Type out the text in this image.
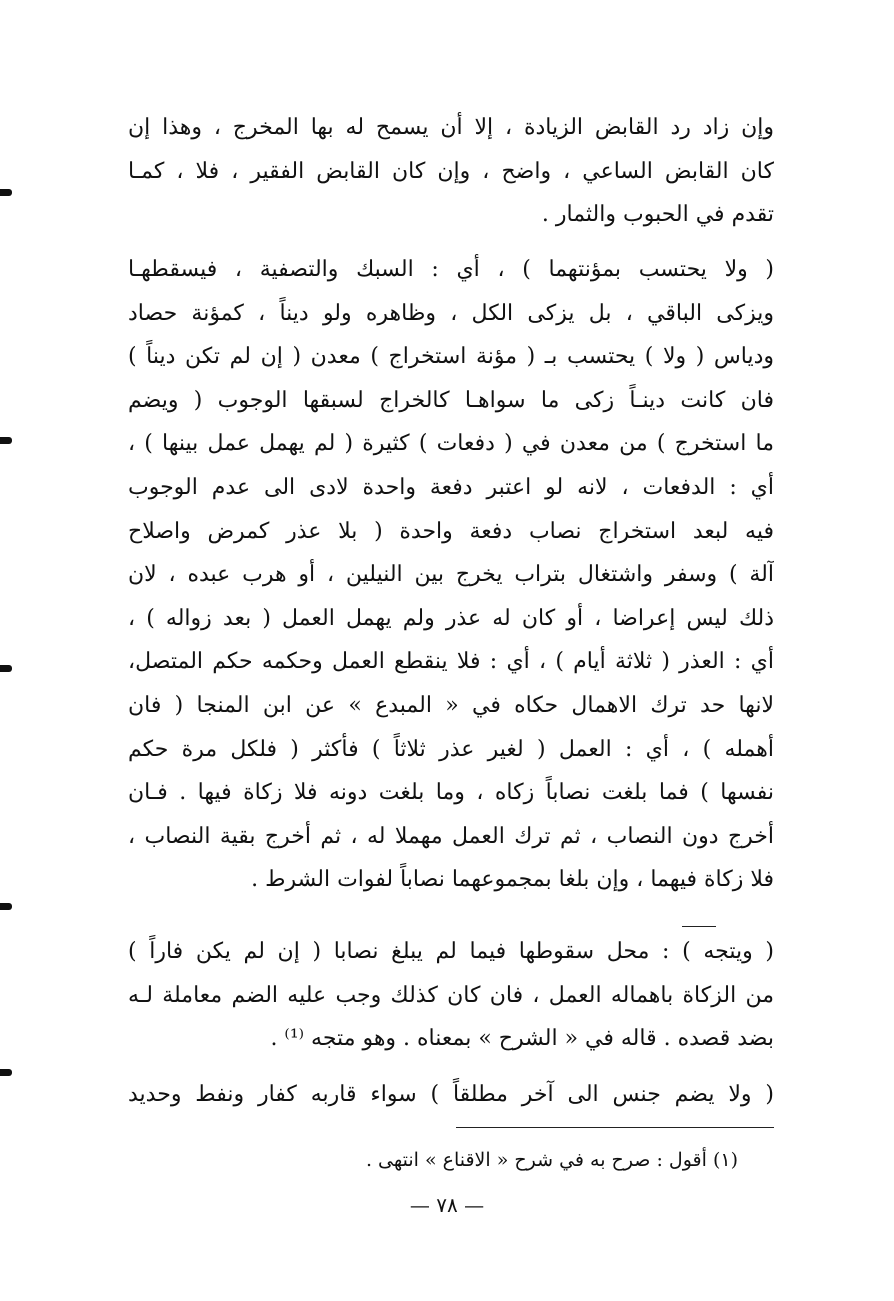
وإن زاد رد القابض الزيادة ، إلا أن يسمح له بها المخرج ، وهذا إن
كان القابض الساعي ، واضح ، وإن كان القابض الفقير ، فلا ، كمـا
تقدم في الحبوب والثمار .
( ولا يحتسب بمؤنتهما ) ، أي : السبك والتصفية ، فيسقطهـا
ويزكى الباقي ، بل يزكى الكل ، وظاهره ولو ديناً ، كمؤنة حصاد
ودياس ( ولا ) يحتسب بـ ( مؤنة استخراج ) معدن ( إن لم تكن ديناً )
فان كانت دينـاً زكى ما سواهـا كالخراج لسبقها الوجوب ( ويضم
ما استخرج ) من معدن في ( دفعات ) كثيرة ( لم يهمل عمل بينها ) ،
أي : الدفعات ، لانه لو اعتبر دفعة واحدة لادى الى عدم الوجوب
فيه لبعد استخراج نصاب دفعة واحدة ( بلا عذر كمرض واصلاح
آلة ) وسفر واشتغال بتراب يخرج بين النيلين ، أو هرب عبده ، لان
ذلك ليس إعراضا ، أو كان له عذر ولم يهمل العمل ( بعد زواله ) ،
أي : العذر ( ثلاثة أيام ) ، أي : فلا ينقطع العمل وحكمه حكم المتصل،
لانها حد ترك الاهمال حكاه في « المبدع » عن ابن المنجا ( فان
أهمله ) ، أي : العمل ( لغير عذر ثلاثاً ) فأكثر ( فلكل مرة حكم
نفسها ) فما بلغت نصاباً زكاه ، وما بلغت دونه فلا زكاة فيها . فـان
أخرج دون النصاب ، ثم ترك العمل مهملا له ، ثم أخرج بقية النصاب ،
فلا زكاة فيهما ، وإن بلغا بمجموعهما نصاباً لفوات الشرط .
( ويتجه ) : محل سقوطها فيما لم يبلغ نصابا ( إن لم يكن فاراً )
من الزكاة باهماله العمل ، فان كان كذلك وجب عليه الضم معاملة لـه
بضد قصده . قاله في « الشرح » بمعناه . وهو متجه ⁽¹⁾ .
( ولا يضم جنس الى آخر مطلقاً ) سواء قاربه كفار ونفط وحديد
(١) أقول : صرح به في شرح « الاقناع » انتهى .
— ٧٨ —
